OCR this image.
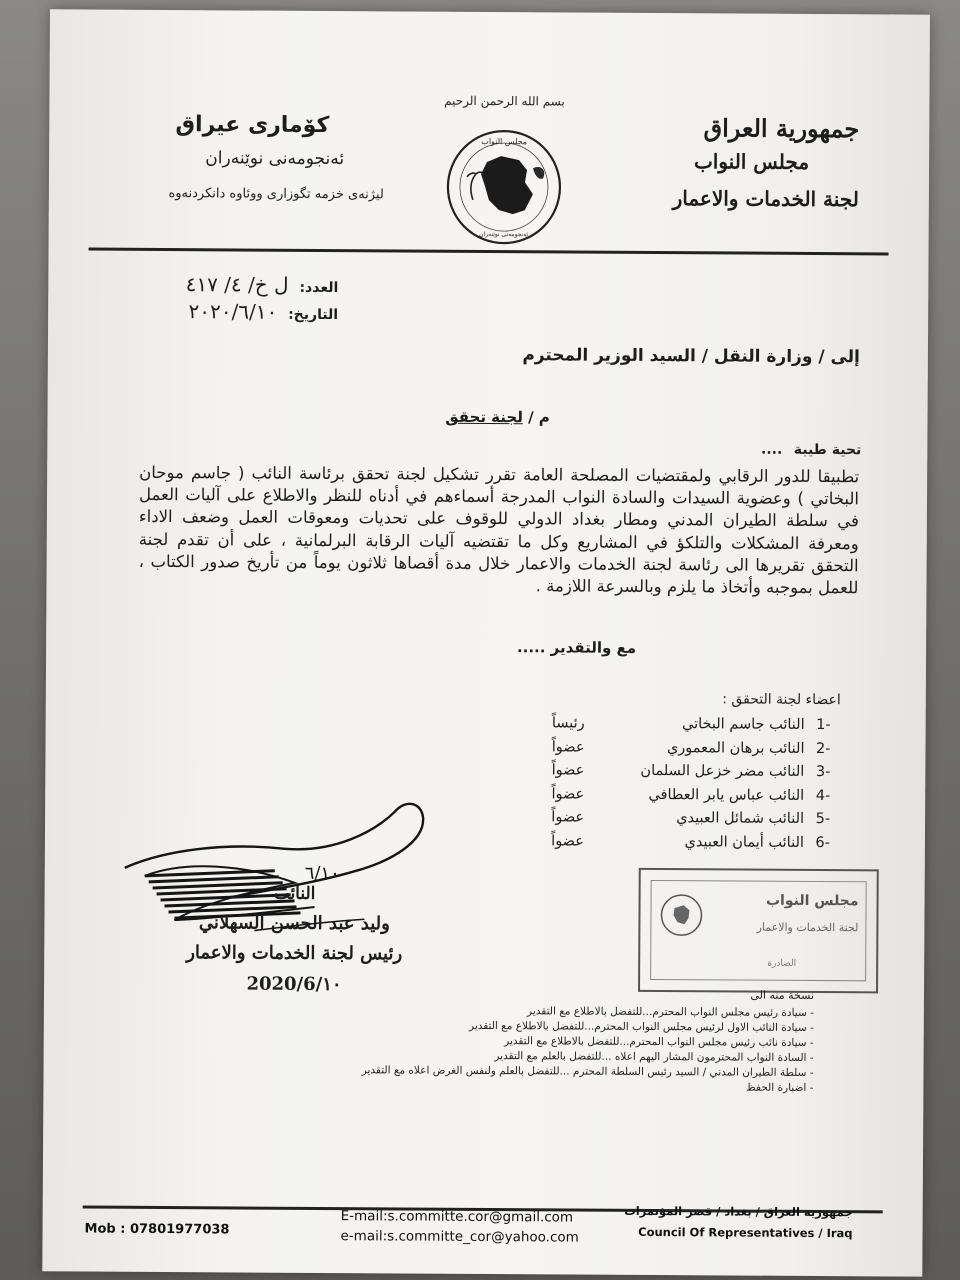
بسم الله الرحمن الرحيم
مجلس النواب
ئەنجومەنی نوێنەران
جمهورية العراق
مجلس النواب
لجنة الخدمات والاعمار
كۆمارى عیراق
ئەنجومەنى نوێنەران
لیژنەی خزمە تگوزارى ووئاوە دانكردنەوە
العدد: ل خ/ ٤/ ٤١٧
التاريخ: ٢٠٢٠/٦/١٠
إلى / وزارة النقل / السيد الوزير المحترم
م / لجنة تحقق
تحية طيبة
....
تطبيقا للدور الرقابي ولمقتضيات المصلحة العامة تقرر تشكيل لجنة تحقق برئاسة النائب ( جاسم موحان البخاتي ) وعضوية السيدات والسادة النواب المدرجة أسماءهم في أدناه للنظر والاطلاع على آليات العمل في سلطة الطيران المدني ومطار بغداد الدولي للوقوف على تحديات ومعوقات العمل وضعف الاداء ومعرفة المشكلات والتلكؤ في المشاريع وكل ما تقتضيه آليات الرقابة البرلمانية ، على أن تقدم لجنة التحقق تقريرها الى رئاسة لجنة الخدمات والاعمار خلال مدة أقصاها ثلاثون يوماً من تأريخ صدور الكتاب ، للعمل بموجبه وأتخاذ ما يلزم وبالسرعة اللازمة .
مع والتقدير .....
اعضاء لجنة التحقق :
-1
النائب جاسم البخاتي
رئيساً
-2
النائب برهان المعموري
عضواً
-3
النائب مضر خزعل السلمان
عضواً
-4
النائب عباس يابر العطافي
عضواً
-5
النائب شمائل العبيدي
عضواً
-6
النائب أيمان العبيدي
عضواً
٦/١٠
النائب
وليد عبد الحسن السهلاني
رئيس لجنة الخدمات والاعمار
2020/6/١٠
مجلس النواب
لجنة الخدمات والاعمار
الصادرة
نسخة منه الى
- سيادة رئيس مجلس النواب المحترم...للتفضل بالاطلاع مع التقدير
- سيادة النائب الاول لرئيس مجلس النواب المحترم...للتفضل بالاطلاع مع التقدير
- سيادة نائب رئيس مجلس النواب المحترم...للتفضل بالاطلاع مع التقدير
- السادة النواب المحترمون المشار اليهم اعلاه ...للتفضل بالعلم مع التقدير
- سلطة الطيران المدني / السيد رئيس السلطة المحترم ...للتفضل بالعلم ولنفس الغرض اعلاه مع التقدير
- اضبارة الحفظ
Mob : 07801977038
E-mail:s.committe.cor@gmail.com
e-mail:s.committe_cor@yahoo.com
جمهورية العراق / بغداد / قصر المؤتمرات
Council Of Representatives / Iraq
